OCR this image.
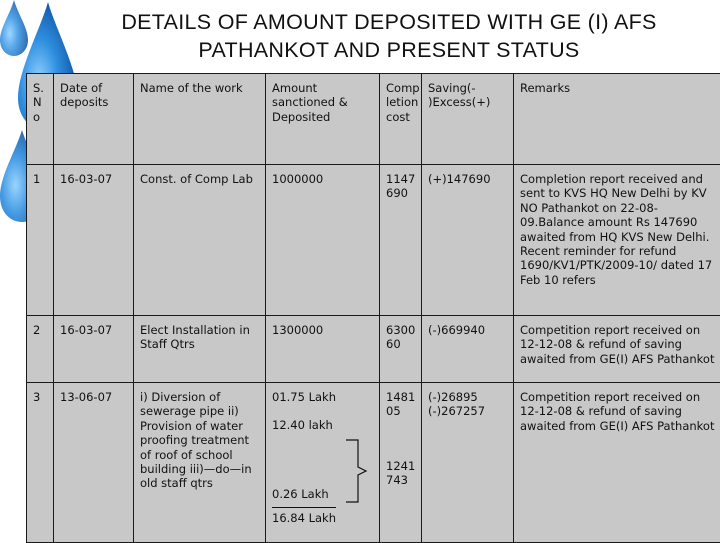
DETAILS OF AMOUNT DEPOSITED WITH GE (I) AFS
PATHANKOT AND PRESENT STATUS
S. N o	Date of deposits	Name of the work	Amount sanctioned & Deposited	Comp letion cost	Saving(- )Excess(+)	Remarks
1	16-03-07	Const. of Comp Lab	1000000	1147 690	(+)147690	Completion report received and sent to KVS HQ New Delhi by KV NO Pathankot on 22-08-09.Balance amount Rs 147690 awaited from HQ KVS New Delhi. Recent reminder for refund 1690/KV1/PTK/2009-10/ dated 17 Feb 10 refers
2	16-03-07	Elect Installation in Staff Qtrs	1300000	6300 60	(-)669940	Competition report received on 12-12-08 & refund of saving awaited from GE(I) AFS Pathankot
3	13-06-07	i) Diversion of sewerage pipe ii) Provision of water proofing treatment of roof of school building iii)—do—in old staff qtrs	01.75 Lakh
12.40 lakh
0.26 Lakh
16.84 Lakh	1481
05
1241
743	(-)26895 (-)267257	Competition report received on 12-12-08 & refund of saving awaited from GE(I) AFS Pathankot
